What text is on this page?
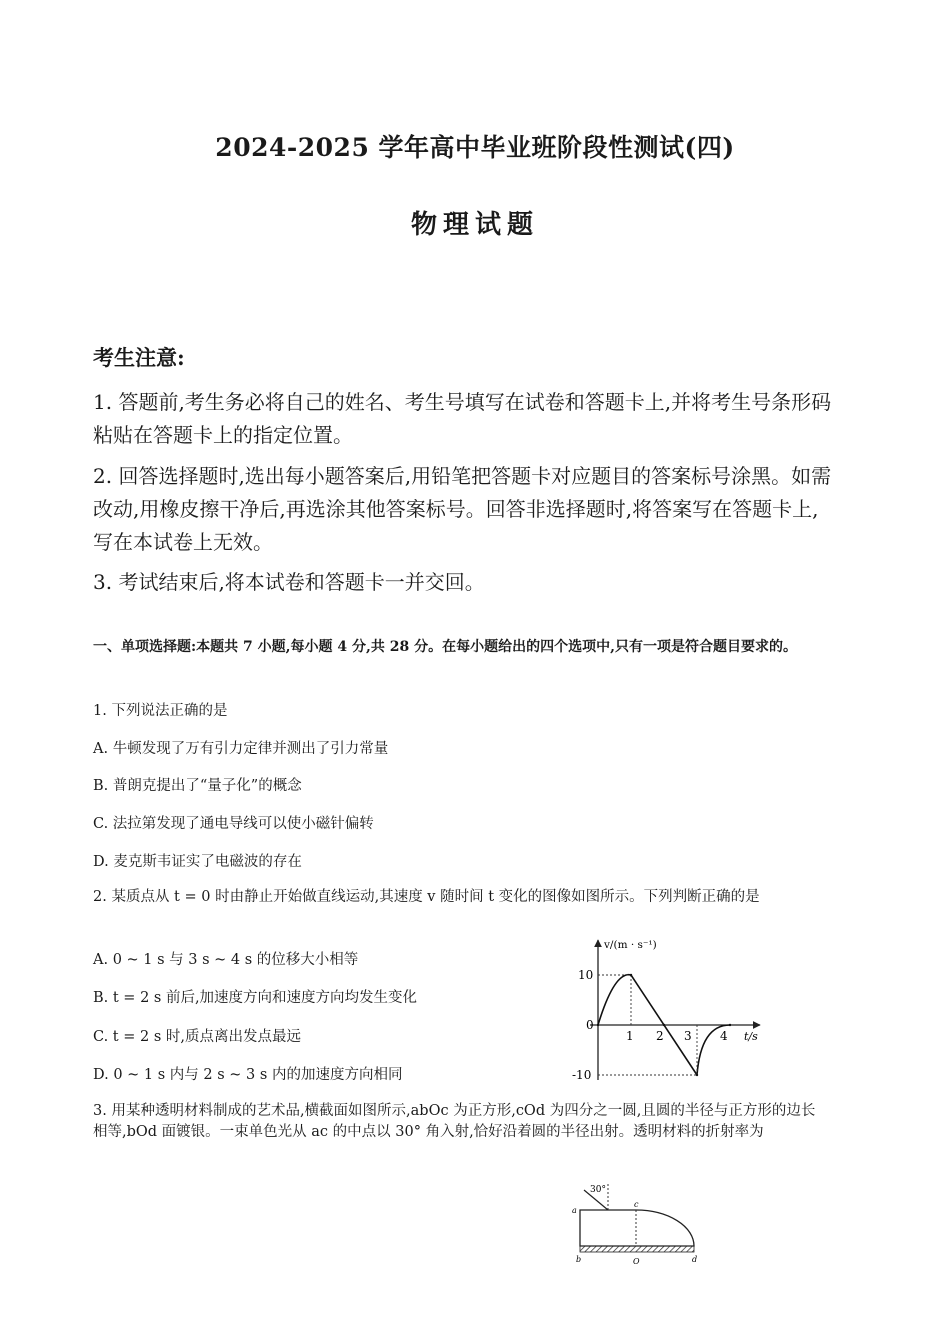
2024-2025 学年高中毕业班阶段性测试(四)
物理试题
考生注意:
1. 答题前,考生务必将自己的姓名、考生号填写在试卷和答题卡上,并将考生号条形码粘贴在答题卡上的指定位置。
2. 回答选择题时,选出每小题答案后,用铅笔把答题卡对应题目的答案标号涂黑。如需改动,用橡皮擦干净后,再选涂其他答案标号。回答非选择题时,将答案写在答题卡上,写在本试卷上无效。
3. 考试结束后,将本试卷和答题卡一并交回。
一、单项选择题:本题共 7 小题,每小题 4 分,共 28 分。在每小题给出的四个选项中,只有一项是符合题目要求的。
1. 下列说法正确的是
A. 牛顿发现了万有引力定律并测出了引力常量
B. 普朗克提出了“量子化”的概念
C. 法拉第发现了通电导线可以使小磁针偏转
D. 麦克斯韦证实了电磁波的存在
2. 某质点从 t = 0 时由静止开始做直线运动,其速度 v 随时间 t 变化的图像如图所示。下列判断正确的是
A. 0 ~ 1 s 与 3 s ~ 4 s 的位移大小相等
B. t = 2 s 前后,加速度方向和速度方向均发生变化
C. t = 2 s 时,质点离出发点最远
D. 0 ~ 1 s 内与 2 s ~ 3 s 内的加速度方向相同
v/(m · s⁻¹)
t/s
0
10
-10
1 2 3 4
3. 用某种透明材料制成的艺术品,横截面如图所示,abOc 为正方形,cOd 为四分之一圆,且圆的半径与正方形的边长相等,bOd 面镀银。一束单色光从 ac 的中点以 30° 角入射,恰好沿着圆的半径出射。透明材料的折射率为
30°
a
c
b	O	d
